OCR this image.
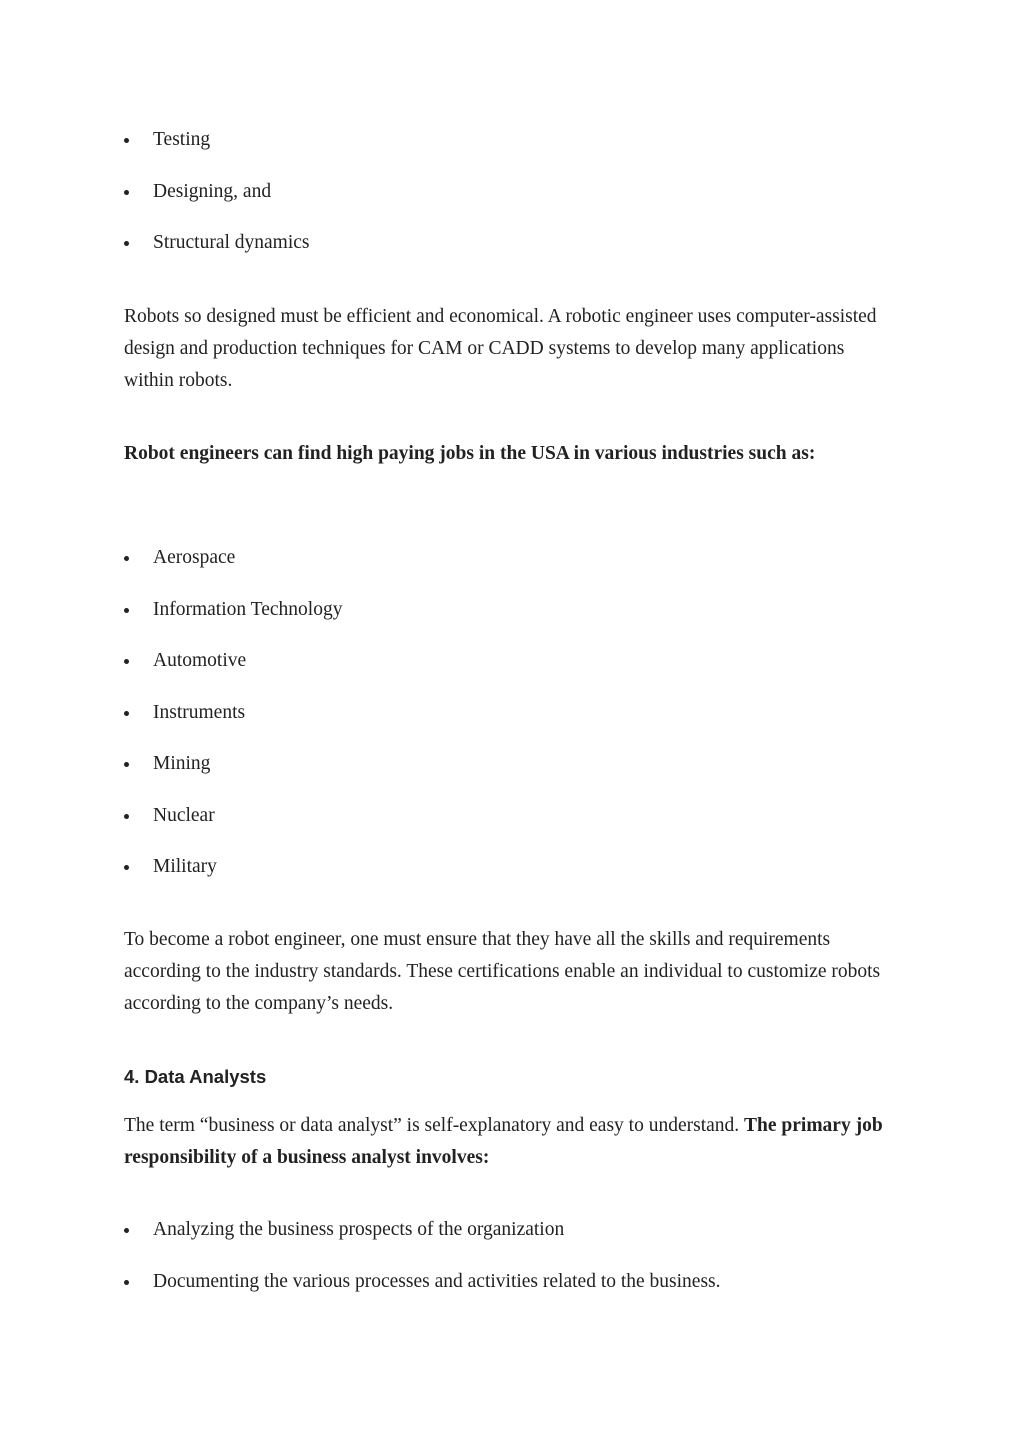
Testing
Designing, and
Structural dynamics

Robots so designed must be efficient and economical. A robotic engineer uses computer-assisted design and production techniques for CAM or CADD systems to develop many applications within robots.

Robot engineers can find high paying jobs in the USA in various industries such as:

Aerospace
Information Technology
Automotive
Instruments
Mining
Nuclear
Military

To become a robot engineer, one must ensure that they have all the skills and requirements according to the industry standards. These certifications enable an individual to customize robots according to the company’s needs.

4. Data Analysts

The term “business or data analyst” is self-explanatory and easy to understand. The primary job responsibility of a business analyst involves:

Analyzing the business prospects of the organization
Documenting the various processes and activities related to the business.
